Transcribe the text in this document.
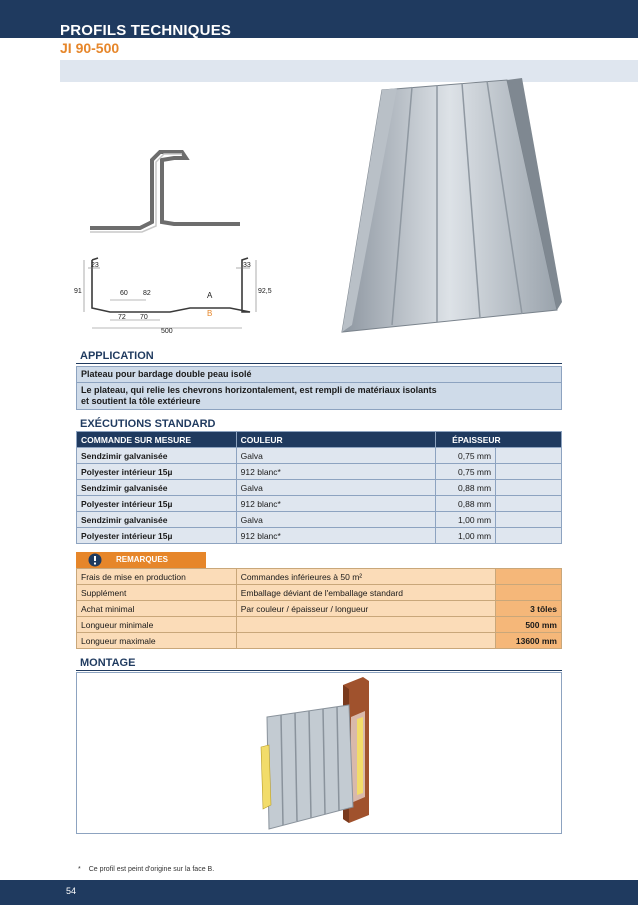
PROFILS TECHNIQUES
JI 90-500
23	33
91	92,5
60 82
72 70
500
A
B
APPLICATION
Plateau pour bardage double peau isolé
Le plateau, qui relie les chevrons horizontalement, est rempli de matériaux isolants
et soutient la tôle extérieure
EXÉCUTIONS STANDARD
COMMANDE SUR MESURE	COULEUR	ÉPAISSEUR	
Sendzimir galvanisée	Galva	0,75 mm	
Polyester intérieur 15µ	912 blanc*	0,75 mm	
Sendzimir galvanisée	Galva	0,88 mm	
Polyester intérieur 15µ	912 blanc*	0,88 mm	
Sendzimir galvanisée	Galva	1,00 mm	
Polyester intérieur 15µ	912 blanc*	1,00 mm	
REMARQUES
Frais de mise en production	Commandes inférieures à 50 m²	
Supplément	Emballage déviant de l'emballage standard	
Achat minimal	Par couleur / épaisseur / longueur	3 tôles
Longueur minimale		500 mm
Longueur maximale		13600 mm
MONTAGE
* Ce profil est peint d'origine sur la face B.
54
